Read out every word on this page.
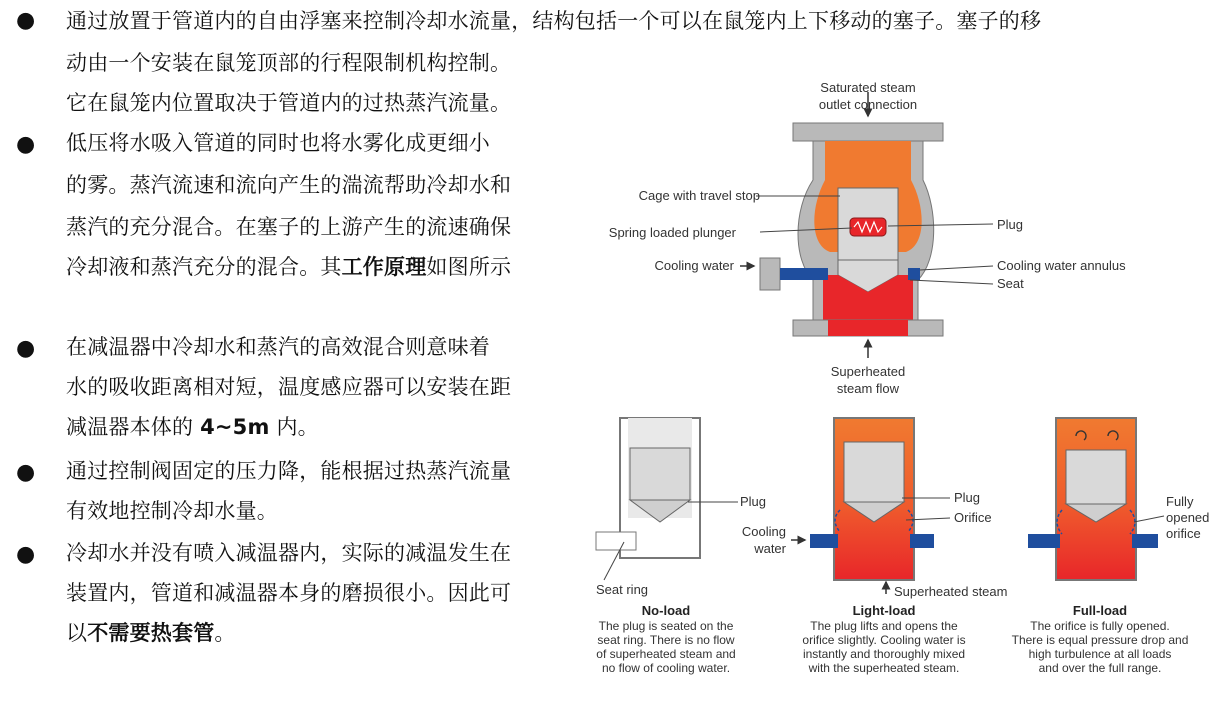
● 通过放置于管道内的自由浮塞来控制冷却水流量，结构包括一个可以在鼠笼内上下移动的塞子。塞子的移
动由一个安装在鼠笼顶部的行程限制机构控制。
它在鼠笼内位置取决于管道内的过热蒸汽流量。
● 低压将水吸入管道的同时也将水雾化成更细小
的雾。蒸汽流速和流向产生的湍流帮助冷却水和
蒸汽的充分混合。在塞子的上游产生的流速确保
冷却液和蒸汽充分的混合。其工作原理如图所示
● 在减温器中冷却水和蒸汽的高效混合则意味着
水的吸收距离相对短，温度感应器可以安装在距
减温器本体的 4~5m 内。
● 通过控制阀固定的压力降，能根据过热蒸汽流量
有效地控制冷却水量。
● 冷却水并没有喷入减温器内，实际的减温发生在
装置内，管道和减温器本身的磨损很小。因此可
以不需要热套管。
Saturated steam
outlet connection
Cage with travel stop
Spring loaded plunger
Cooling water
Plug
Cooling water annulus
Seat
Superheated
steam flow
Plug
Seat ring
No-load
The plug is seated on the
seat ring. There is no flow
of superheated steam and
no flow of cooling water.
Plug
Orifice
Cooling
water
Superheated steam
Light-load
The plug lifts and opens the
orifice slightly. Cooling water is
instantly and thoroughly mixed
with the superheated steam.
Fully
opened
orifice
Full-load
The orifice is fully opened.
There is equal pressure drop and
high turbulence at all loads
and over the full range.
